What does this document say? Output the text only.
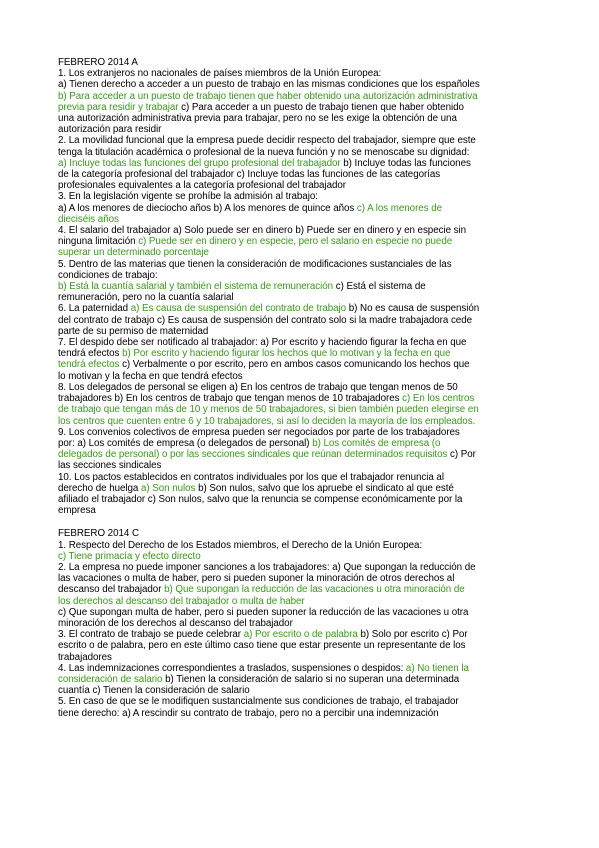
FEBRERO 2014 A

1. Los extranjeros no nacionales de países miembros de la Unión Europea:

a) Tienen derecho a acceder a un puesto de trabajo en las mismas condiciones que los españoles

b) Para acceder a un puesto de trabajo tienen que haber obtenido una autorización administrativa

previa para residir y trabajar c) Para acceder a un puesto de trabajo tienen que haber obtenido

una autorización administrativa previa para trabajar, pero no se les exige la obtención de una

autorización para residir

2. La movilidad funcional que la empresa puede decidir respecto del trabajador, siempre que este

tenga la titulación académica o profesional de la nueva función y no se menoscabe su dignidad:

a) Incluye todas las funciones del grupo profesional del trabajador b) Incluye todas las funciones

de la categoría profesional del trabajador c) Incluye todas las funciones de las categorías

profesionales equivalentes a la categoría profesional del trabajador

3. En la legislación vigente se prohíbe la admisión al trabajo:

a) A los menores de dieciocho años b) A los menores de quince años c) A los menores de

dieciséis años

4. El salario del trabajador a) Solo puede ser en dinero b) Puede ser en dinero y en especie sin

ninguna limitación c) Puede ser en dinero y en especie, pero el salario en especie no puede

superar un determinado porcentaje

5. Dentro de las materias que tienen la consideración de modificaciones sustanciales de las

condiciones de trabajo:

b) Está la cuantía salarial y también el sistema de remuneración c) Está el sistema de

remuneración, pero no la cuantía salarial

6. La paternidad a) Es causa de suspensión del contrato de trabajo b) No es causa de suspensión

del contrato de trabajo c) Es causa de suspensión del contrato solo si la madre trabajadora cede

parte de su permiso de maternidad

7. El despido debe ser notificado al trabajador: a) Por escrito y haciendo figurar la fecha en que

tendrá efectos b) Por escrito y haciendo figurar los hechos que lo motivan y la fecha en que

tendrá efectos c) Verbalmente o por escrito, pero en ambos casos comunicando los hechos que

lo motivan y la fecha en que tendrá efectos

8. Los delegados de personal se eligen a) En los centros de trabajo que tengan menos de 50

trabajadores b) En los centros de trabajo que tengan menos de 10 trabajadores c) En los centros

de trabajo que tengan más de 10 y menos de 50 trabajadores, si bien también pueden elegirse en

los centros que cuenten entre 6 y 10 trabajadores, si así lo deciden la mayoría de los empleados.

9. Los convenios colectivos de empresa pueden ser negociados por parte de los trabajadores

por: a) Los comités de empresa (o delegados de personal) b) Los comités de empresa (o

delegados de personal) o por las secciones sindicales que reúnan determinados requisitos c) Por

las secciones sindicales

10. Los pactos establecidos en contratos individuales por los que el trabajador renuncia al

derecho de huelga a) Son nulos b) Son nulos, salvo que los apruebe el sindicato al que esté

afiliado el trabajador c) Son nulos, salvo que la renuncia se compense económicamente por la

empresa

FEBRERO 2014 C

1. Respecto del Derecho de los Estados miembros, el Derecho de la Unión Europea:

c) Tiene primacía y efecto directo

2. La empresa no puede imponer sanciones a los trabajadores: a) Que supongan la reducción de

las vacaciones o multa de haber, pero si pueden suponer la minoración de otros derechos al

descanso del trabajador b) Que supongan la reducción de las vacaciones u otra minoración de

los derechos al descanso del trabajador o multa de haber

c) Que supongan multa de haber, pero si pueden suponer la reducción de las vacaciones u otra

minoración de los derechos al descanso del trabajador

3. El contrato de trabajo se puede celebrar a) Por escrito o de palabra b) Solo por escrito c) Por

escrito o de palabra, pero en este último caso tiene que estar presente un representante de los

trabajadores

4. Las indemnizaciones correspondientes a traslados, suspensiones o despidos: a) No tienen la

consideración de salario b) Tienen la consideración de salario si no superan una determinada

cuantía c) Tienen la consideración de salario

5. En caso de que se le modifiquen sustancialmente sus condiciones de trabajo, el trabajador

tiene derecho: a) A rescindir su contrato de trabajo, pero no a percibir una indemnización
